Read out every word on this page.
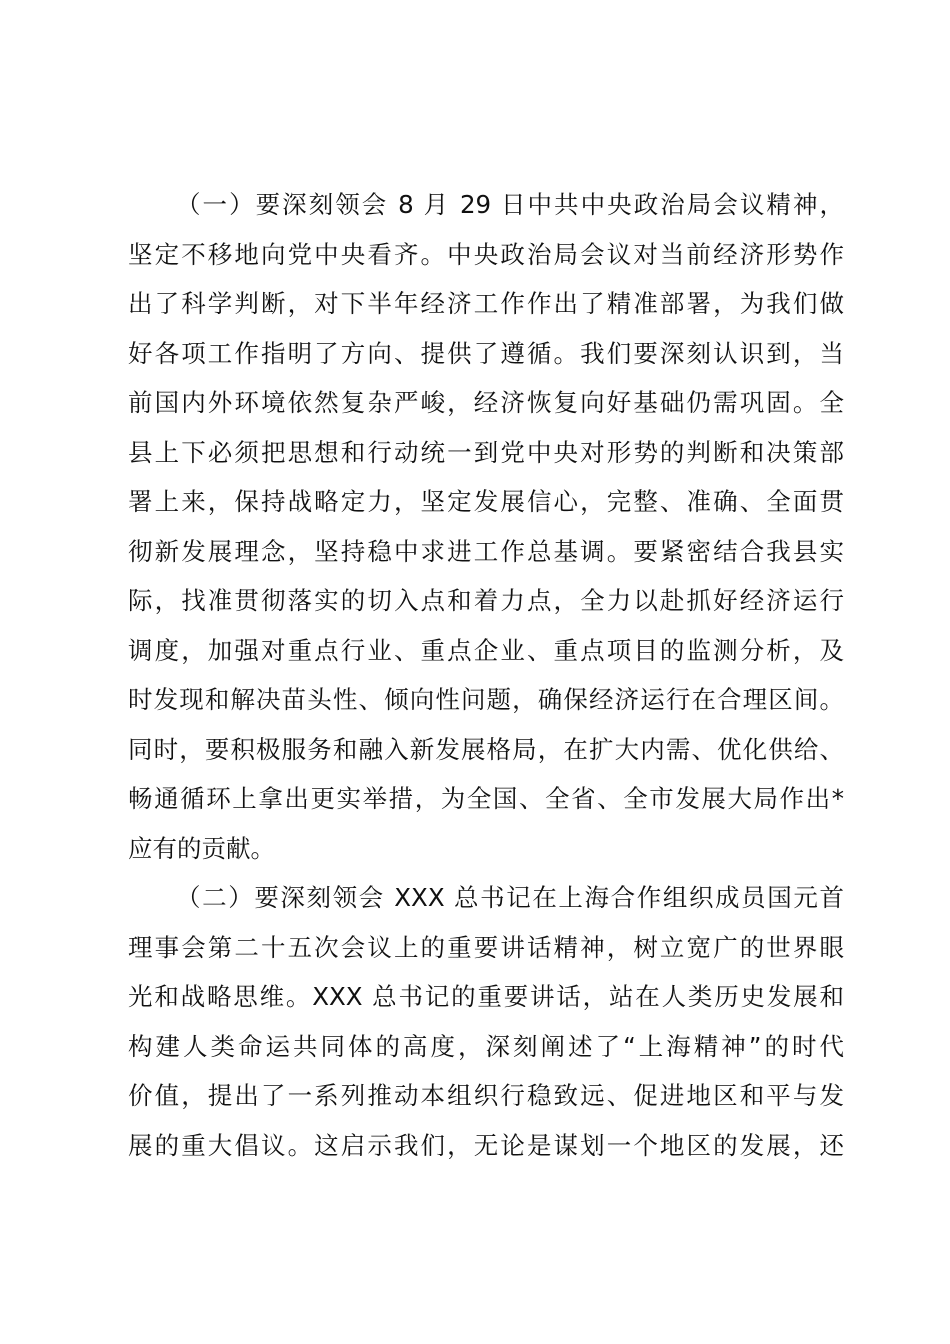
（一）要深刻领会 8 月 29 日中共中央政治局会议精神，
坚定不移地向党中央看齐。中央政治局会议对当前经济形势作
出了科学判断，对下半年经济工作作出了精准部署，为我们做
好各项工作指明了方向、提供了遵循。我们要深刻认识到，当
前国内外环境依然复杂严峻，经济恢复向好基础仍需巩固。全
县上下必须把思想和行动统一到党中央对形势的判断和决策部
署上来，保持战略定力，坚定发展信心，完整、准确、全面贯
彻新发展理念，坚持稳中求进工作总基调。要紧密结合我县实
际，找准贯彻落实的切入点和着力点，全力以赴抓好经济运行
调度，加强对重点行业、重点企业、重点项目的监测分析，及
时发现和解决苗头性、倾向性问题，确保经济运行在合理区间。
同时，要积极服务和融入新发展格局，在扩大内需、优化供给、
畅通循环上拿出更实举措，为全国、全省、全市发展大局作出*
应有的贡献。
（二）要深刻领会 XXX 总书记在上海合作组织成员国元首
理事会第二十五次会议上的重要讲话精神，树立宽广的世界眼
光和战略思维。XXX 总书记的重要讲话，站在人类历史发展和
构建人类命运共同体的高度，深刻阐述了“上海精神”的时代
价值，提出了一系列推动本组织行稳致远、促进地区和平与发
展的重大倡议。这启示我们，无论是谋划一个地区的发展，还
